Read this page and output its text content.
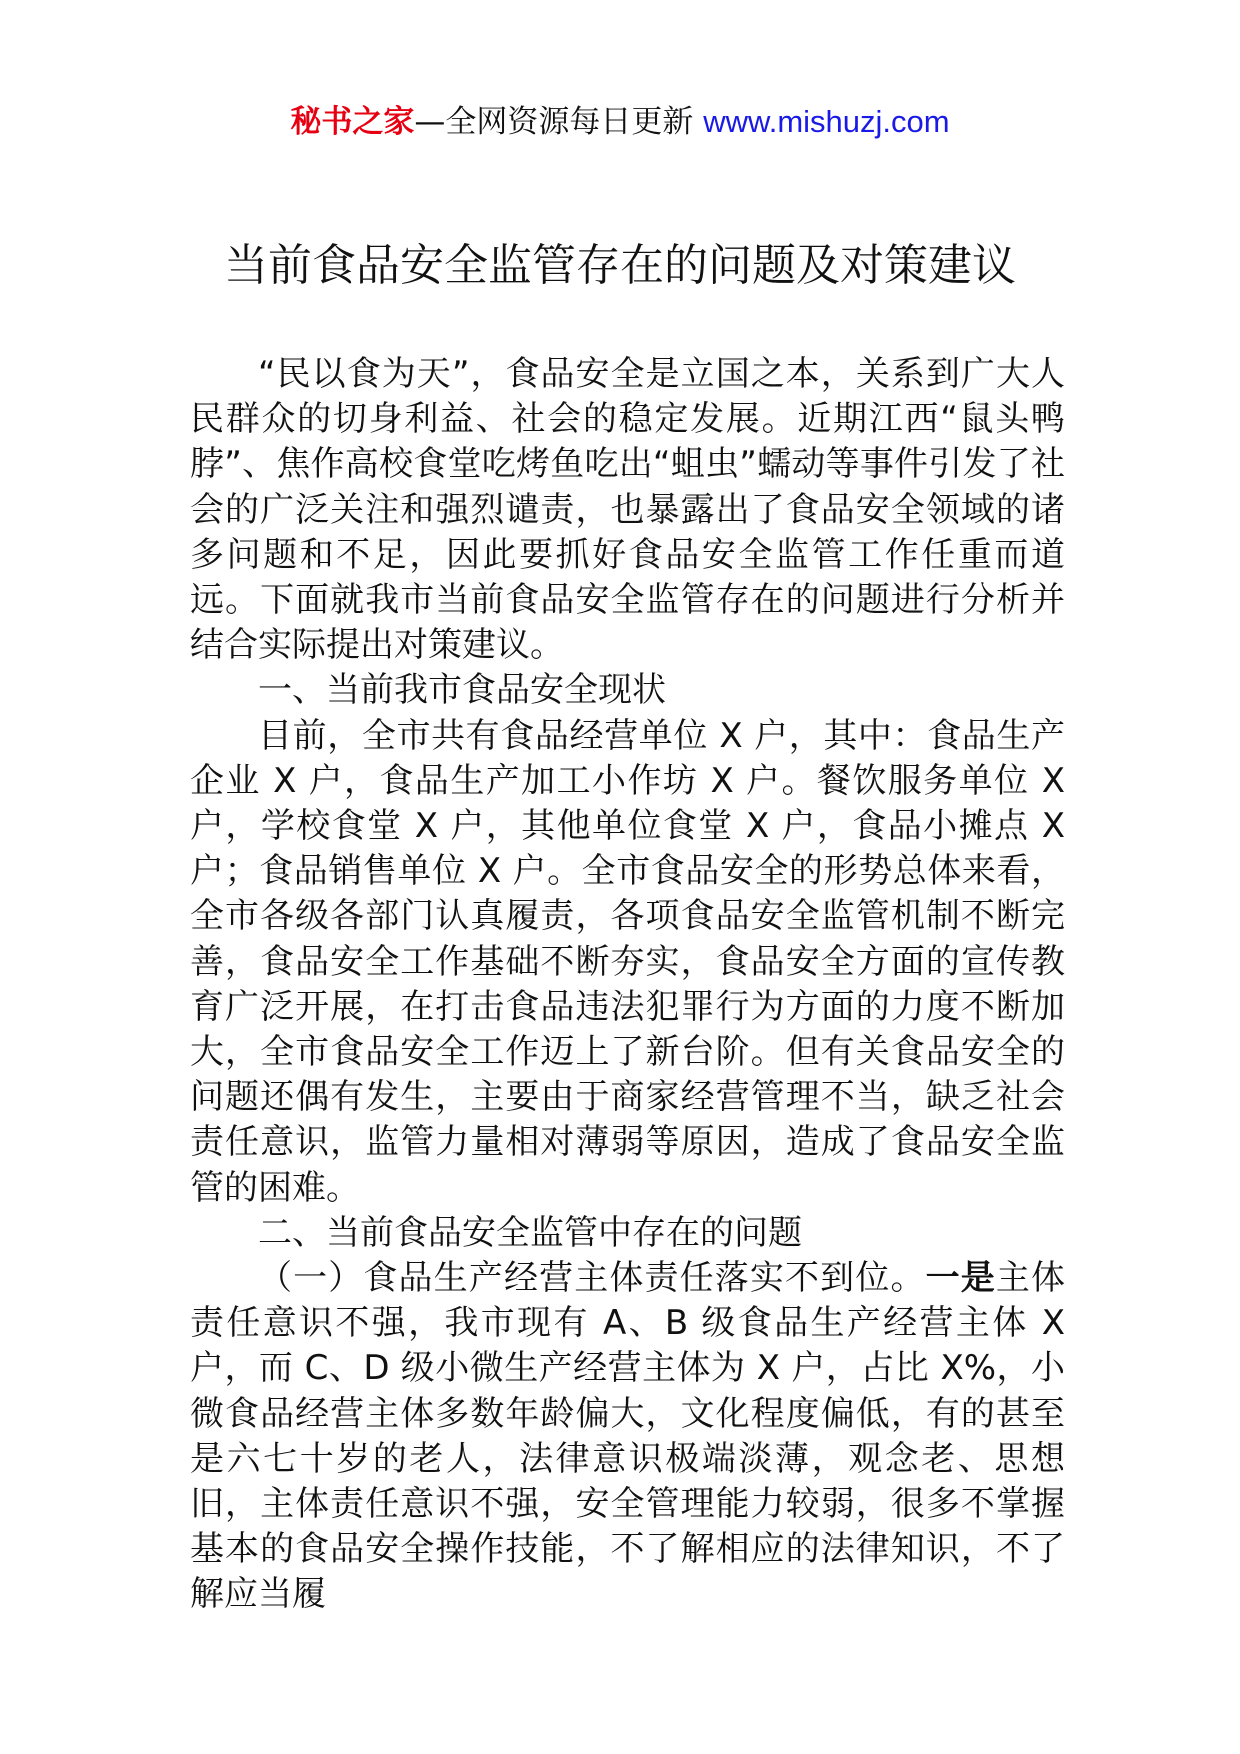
秘书之家—全网资源每日更新 www.mishuzj.com
当前食品安全监管存在的问题及对策建议

“民以食为天”，食品安全是立国之本，关系到广大人民群众的切身利益、社会的稳定发展。近期江西“鼠头鸭脖”、焦作高校食堂吃烤鱼吃出“蛆虫”蠕动等事件引发了社会的广泛关注和强烈谴责，也暴露出了食品安全领域的诸多问题和不足，因此要抓好食品安全监管工作任重而道远。下面就我市当前食品安全监管存在的问题进行分析并结合实际提出对策建议。

一、当前我市食品安全现状

目前，全市共有食品经营单位 X 户，其中：食品生产企业 X 户，食品生产加工小作坊 X 户。餐饮服务单位 X 户，学校食堂 X 户，其他单位食堂 X 户，食品小摊点 X 户；食品销售单位 X 户。全市食品安全的形势总体来看，全市各级各部门认真履责，各项食品安全监管机制不断完善，食品安全工作基础不断夯实，食品安全方面的宣传教育广泛开展，在打击食品违法犯罪行为方面的力度不断加大，全市食品安全工作迈上了新台阶。但有关食品安全的问题还偶有发生，主要由于商家经营管理不当，缺乏社会责任意识，监管力量相对薄弱等原因，造成了食品安全监管的困难。

二、当前食品安全监管中存在的问题

（一）食品生产经营主体责任落实不到位。一是主体责任意识不强，我市现有 A、B 级食品生产经营主体 X 户，而 C、D 级小微生产经营主体为 X 户，占比 X%，小微食品经营主体多数年龄偏大，文化程度偏低，有的甚至是六七十岁的老人，法律意识极端淡薄，观念老、思想旧，主体责任意识不强，安全管理能力较弱，很多不掌握基本的食品安全操作技能，不了解相应的法律知识，不了解应当履
